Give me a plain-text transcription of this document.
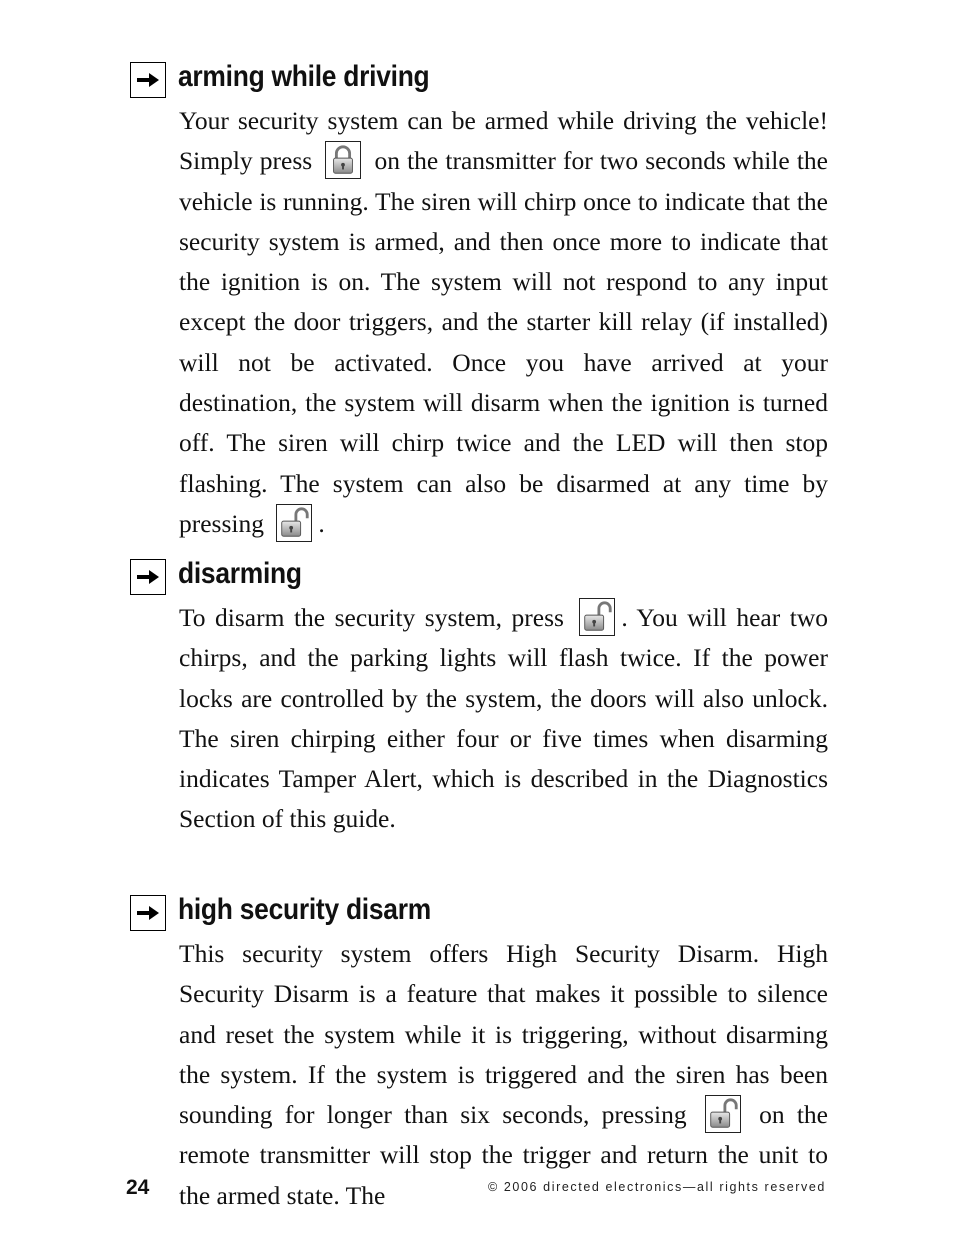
arming while driving

Your security system can be armed while driving the vehicle! Simply press
on the transmitter for two seconds while the vehicle is running. The siren will chirp once to indicate that the security system is armed, and then once more to indicate that the ignition is on. The system will not respond to any input except the door triggers, and the starter kill relay (if installed) will not be activated. Once you have arrived at your destination, the system will disarm when the ignition is turned off. The siren will chirp twice and the LED will then stop flashing. The system can also be disarmed at any time by pressing
.

disarming

To disarm the security system, press
. You will hear two chirps, and the parking lights will flash twice. If the power locks are controlled by the system, the doors will also unlock. The siren chirping either four or five times when disarming indicates Tamper Alert, which is described in the Diagnostics Section of this guide.

high security disarm

This security system offers High Security Disarm. High Security Disarm is a feature that makes it possible to silence and reset the system while it is triggering, without disarming the system. If the system is triggered and the siren has been sounding for longer than six seconds, pressing
on the remote transmitter will stop the trigger and return the unit to the armed state. The

24	© 2006 directed electronics—all rights reserved
